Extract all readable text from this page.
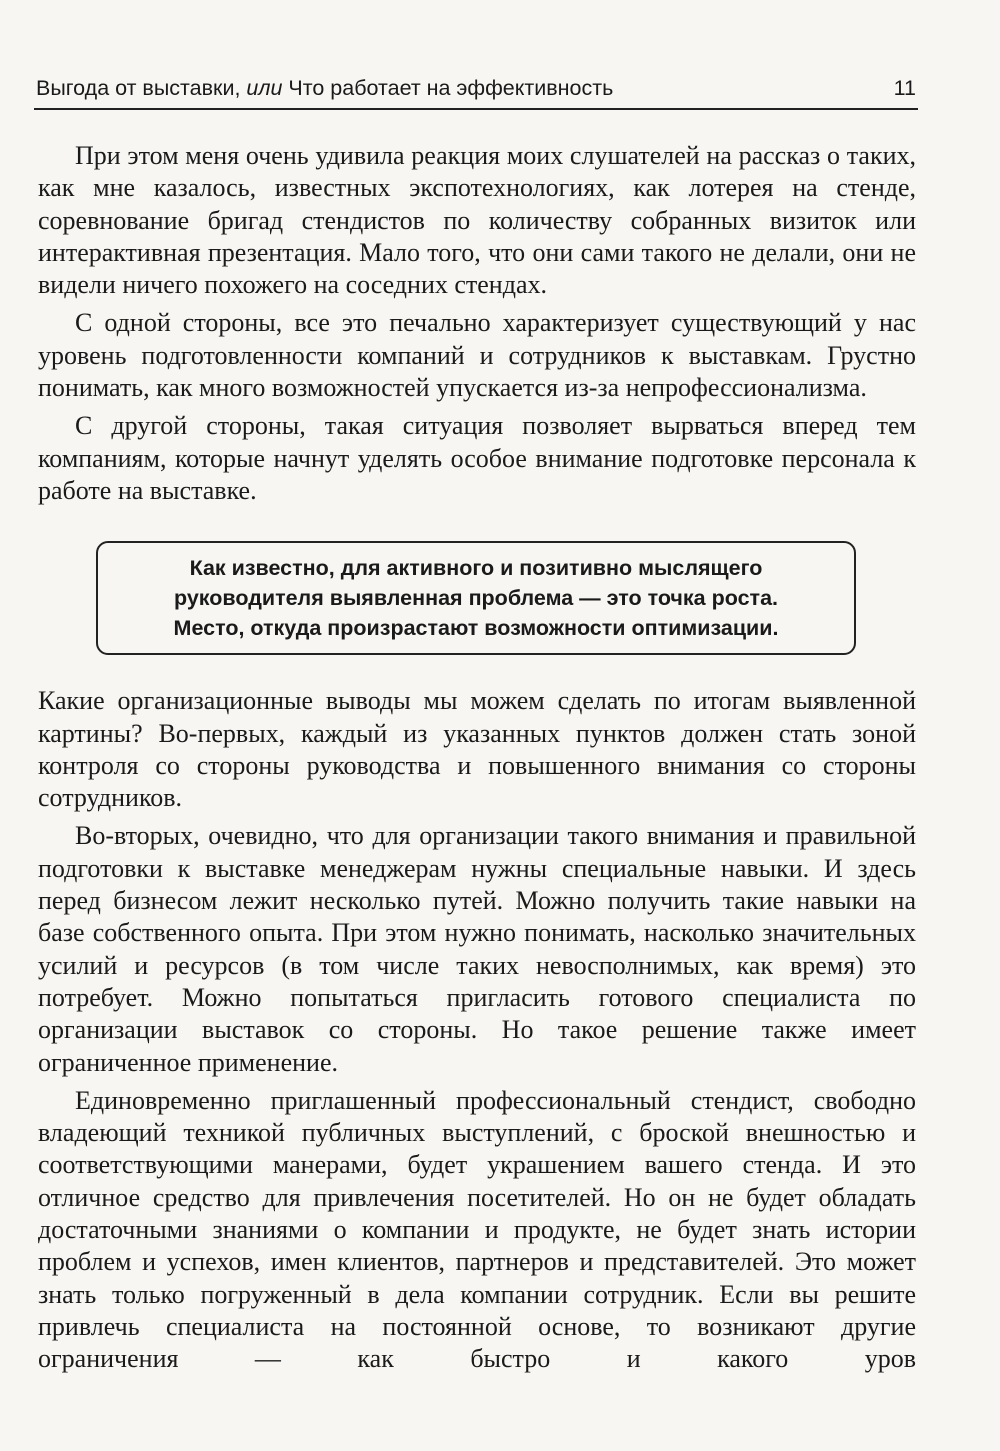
Выгода от выставки, или Что работает на эффективность	11

При этом меня очень удивила реакция моих слушателей на рассказ о таких, как мне казалось, известных экспотехнологиях, как лотерея на стенде, соревнование бригад стендистов по количеству собранных визиток или интерактивная презентация. Мало того, что они сами такого не делали, они не видели ничего похожего на соседних стендах.

С одной стороны, все это печально характеризует существующий у нас уровень подготовленности компаний и сотрудников к выставкам. Грустно понимать, как много возможностей упускается из-за непрофессионализма.

С другой стороны, такая ситуация позволяет вырваться вперед тем компаниям, которые начнут уделять особое внимание подготовке персонала к работе на выставке.

Как известно, для активного и позитивно мыслящего
руководителя выявленная проблема — это точка роста.
Место, откуда произрастают возможности оптимизации.

Какие организационные выводы мы можем сделать по итогам выявленной картины? Во-первых, каждый из указанных пунктов должен стать зоной контроля со стороны руководства и повышенного внимания со стороны сотрудников.

Во-вторых, очевидно, что для организации такого внимания и правильной подготовки к выставке менеджерам нужны специальные навыки. И здесь перед бизнесом лежит несколько путей. Можно получить такие навыки на базе собственного опыта. При этом нужно понимать, насколько значительных усилий и ресурсов (в том числе таких невосполнимых, как время) это потребует. Можно попытаться пригласить готового специалиста по организации выставок со стороны. Но такое решение также имеет ограниченное применение.

Единовременно приглашенный профессиональный стендист, свободно владеющий техникой публичных выступлений, с броской внешностью и соответствующими манерами, будет украшением вашего стенда. И это отличное средство для привлечения посетителей. Но он не будет обладать достаточными знаниями о компании и продукте, не будет знать истории проблем и успехов, имен клиентов, партнеров и представителей. Это может знать только погруженный в дела компании сотрудник. Если вы решите привлечь специалиста на постоянной основе, то возникают другие ограничения — как быстро и какого уров
